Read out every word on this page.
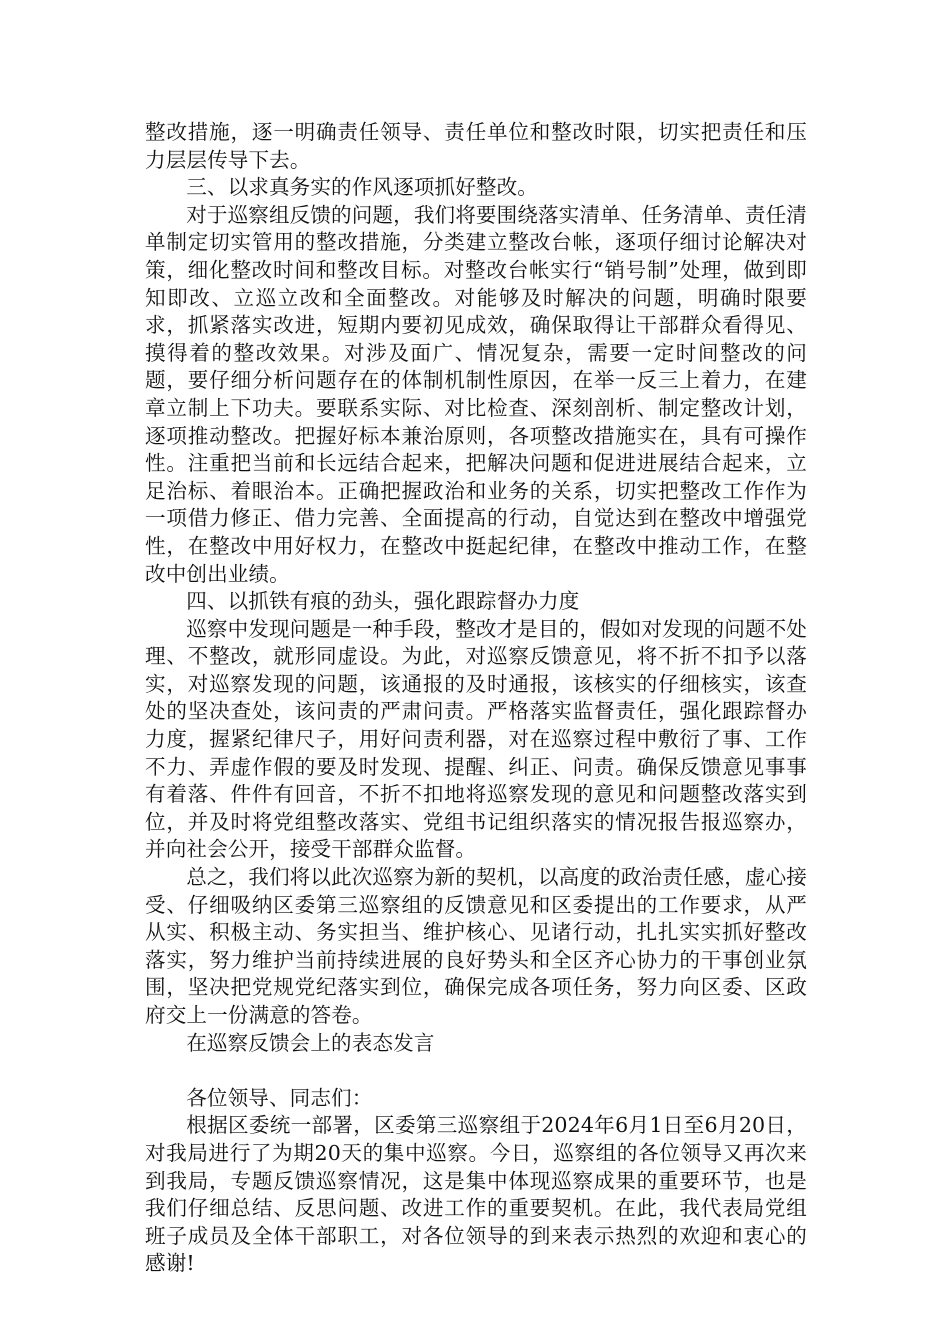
整改措施，逐一明确责任领导、责任单位和整改时限，切实把责任和压力层层传导下去。

三、以求真务实的作风逐项抓好整改。

对于巡察组反馈的问题，我们将要围绕落实清单、任务清单、责任清单制定切实管用的整改措施，分类建立整改台帐，逐项仔细讨论解决对策，细化整改时间和整改目标。对整改台帐实行“销号制”处理，做到即知即改、立巡立改和全面整改。对能够及时解决的问题，明确时限要求，抓紧落实改进，短期内要初见成效，确保取得让干部群众看得见、摸得着的整改效果。对涉及面广、情况复杂，需要一定时间整改的问题，要仔细分析问题存在的体制机制性原因，在举一反三上着力，在建章立制上下功夫。要联系实际、对比检查、深刻剖析、制定整改计划，逐项推动整改。把握好标本兼治原则，各项整改措施实在，具有可操作性。注重把当前和长远结合起来，把解决问题和促进进展结合起来，立足治标、着眼治本。正确把握政治和业务的关系，切实把整改工作作为一项借力修正、借力完善、全面提高的行动，自觉达到在整改中增强党性，在整改中用好权力，在整改中挺起纪律，在整改中推动工作，在整改中创出业绩。

四、以抓铁有痕的劲头，强化跟踪督办力度

巡察中发现问题是一种手段，整改才是目的，假如对发现的问题不处理、不整改，就形同虚设。为此，对巡察反馈意见，将不折不扣予以落实，对巡察发现的问题，该通报的及时通报，该核实的仔细核实，该查处的坚决查处，该问责的严肃问责。严格落实监督责任，强化跟踪督办力度，握紧纪律尺子，用好问责利器，对在巡察过程中敷衍了事、工作不力、弄虚作假的要及时发现、提醒、纠正、问责。确保反馈意见事事有着落、件件有回音，不折不扣地将巡察发现的意见和问题整改落实到位，并及时将党组整改落实、党组书记组织落实的情况报告报巡察办，并向社会公开，接受干部群众监督。

总之，我们将以此次巡察为新的契机，以高度的政治责任感，虚心接受、仔细吸纳区委第三巡察组的反馈意见和区委提出的工作要求，从严从实、积极主动、务实担当、维护核心、见诸行动，扎扎实实抓好整改落实，努力维护当前持续进展的良好势头和全区齐心协力的干事创业氛围，坚决把党规党纪落实到位，确保完成各项任务，努力向区委、区政府交上一份满意的答卷。

在巡察反馈会上的表态发言

各位领导、同志们：

根据区委统一部署，区委第三巡察组于2024年6月1日至6月20日，对我局进行了为期20天的集中巡察。今日，巡察组的各位领导又再次来到我局，专题反馈巡察情况，这是集中体现巡察成果的重要环节，也是我们仔细总结、反思问题、改进工作的重要契机。在此，我代表局党组班子成员及全体干部职工，对各位领导的到来表示热烈的欢迎和衷心的感谢!
